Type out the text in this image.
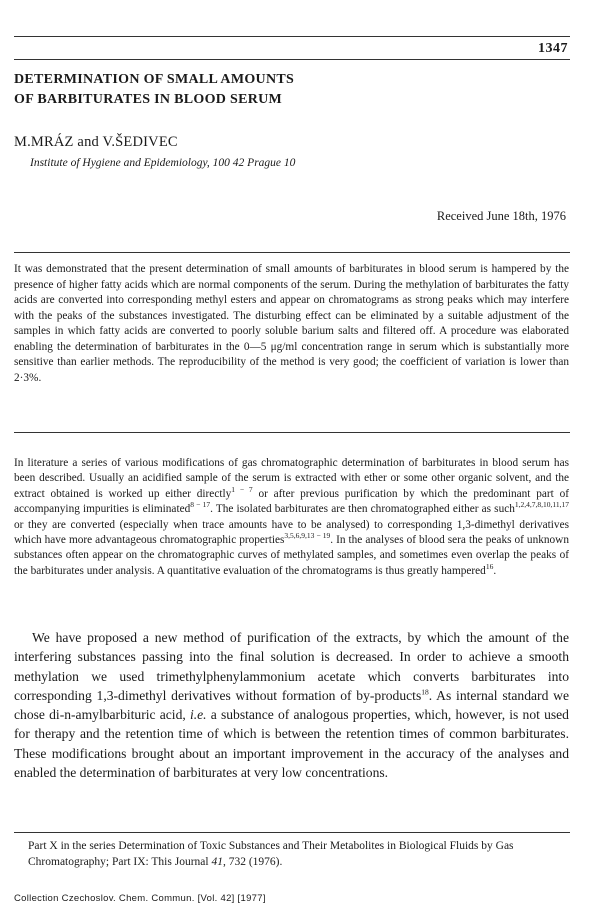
1347
DETERMINATION OF SMALL AMOUNTS
OF BARBITURATES IN BLOOD SERUM
M.MRÁZ and V.ŠEDIVEC
Institute of Hygiene and Epidemiology, 100 42 Prague 10
Received June 18th, 1976

It was demonstrated that the present determination of small amounts of barbiturates in blood serum is hampered by the presence of higher fatty acids which are normal components of the serum. During the methylation of barbiturates the fatty acids are converted into corresponding methyl esters and appear on chromatograms as strong peaks which may interfere with the peaks of the substances investigated. The disturbing effect can be eliminated by a suitable adjustment of the samples in which fatty acids are converted to poorly soluble barium salts and filtered off. A procedure was elaborated enabling the determination of barbiturates in the 0—5 μg/ml concentration range in serum which is substantially more sensitive than earlier methods. The reproducibility of the method is very good; the coefficient of variation is lower than 2·3%.

In literature a series of various modifications of gas chromatographic determination of barbiturates in blood serum has been described. Usually an acidified sample of the serum is extracted with ether or some other organic solvent, and the extract obtained is worked up either directly$^{1 - 7}$ or after previous purification by which the predominant part of accompanying impurities is eliminated$^{8 - 17}$. The isolated barbiturates are then chromatographed either as such$^{1,2,4,7,8,10,11,17}$ or they are converted (especially when trace amounts have to be analysed) to corresponding 1,3-dimethyl derivatives which have more advantageous chromatographic properties$^{3,5,6,9,13 - 19}$. In the analyses of blood sera the peaks of unknown substances often appear on the chromatographic curves of methylated samples, and sometimes even overlap the peaks of the barbiturates under analysis. A quantitative evaluation of the chromatograms is thus greatly hampered$^{16}$.

We have proposed a new method of purification of the extracts, by which the amount of the interfering substances passing into the final solution is decreased. In order to achieve a smooth methylation we used trimethylphenylammonium acetate which converts barbiturates into corresponding 1,3-dimethyl derivatives without formation of by-products$^{18}$. As internal standard we chose di-n-amylbarbituric acid, i.e. a substance of analogous properties, which, however, is not used for therapy and the retention time of which is between the retention times of common barbiturates. These modifications brought about an important improvement in the accuracy of the analyses and enabled the determination of barbiturates at very low concentrations.

Part X in the series Determination of Toxic Substances and Their Metabolites in Biological Fluids by Gas Chromatography; Part IX: This Journal 41, 732 (1976).

Collection Czechoslov. Chem. Commun. [Vol. 42] [1977]
